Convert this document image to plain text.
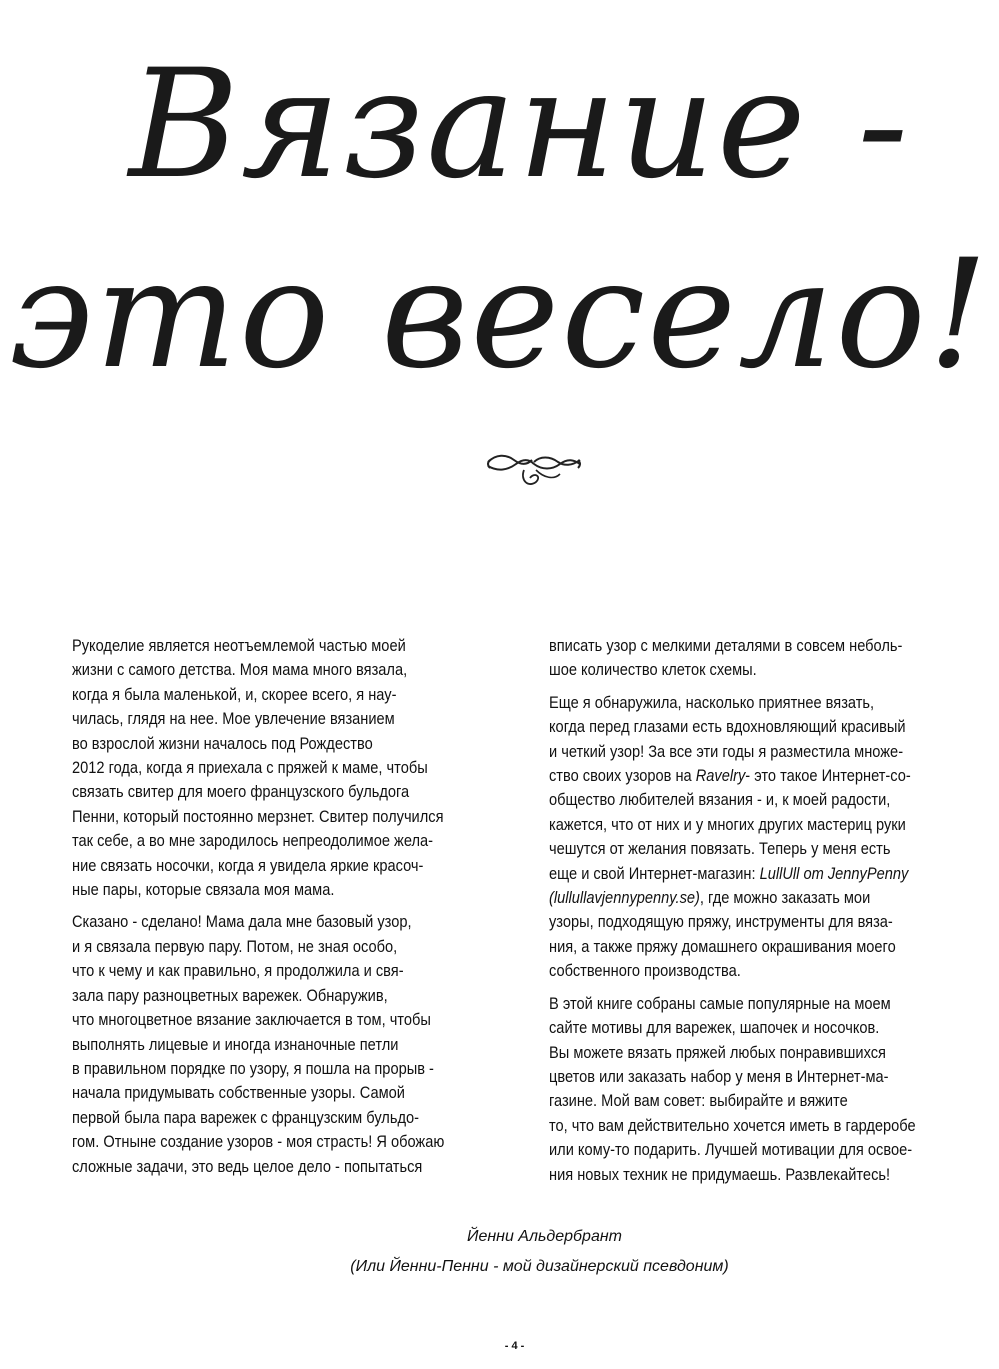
Вязание -
это весело!

Рукоделие является неотъемлемой частью моей
жизни с самого детства. Моя мама много вязала,
когда я была маленькой, и, скорее всего, я нау-
чилась, глядя на нее. Мое увлечение вязанием
во взрослой жизни началось под Рождество
2012 года, когда я приехала с пряжей к маме, чтобы
связать свитер для моего французского бульдога
Пенни, который постоянно мерзнет. Свитер получился
так себе, а во мне зародилось непреодолимое жела-
ние связать носочки, когда я увидела яркие красоч-
ные пары, которые связала моя мама.

Сказано - сделано! Мама дала мне базовый узор,
и я связала первую пару. Потом, не зная особо,
что к чему и как правильно, я продолжила и свя-
зала пару разноцветных варежек. Обнаружив,
что многоцветное вязание заключается в том, чтобы
выполнять лицевые и иногда изнаночные петли
в правильном порядке по узору, я пошла на прорыв -
начала придумывать собственные узоры. Самой
первой была пара варежек с французским бульдо-
гом. Отныне создание узоров - моя страсть! Я обожаю
сложные задачи, это ведь целое дело - попытаться

вписать узор с мелкими деталями в совсем неболь-
шое количество клеток схемы.

Еще я обнаружила, насколько приятнее вязать,
когда перед глазами есть вдохновляющий красивый
и четкий узор! За все эти годы я разместила множе-
ство своих узоров на Ravelry- это такое Интернет-со-
общество любителей вязания - и, к моей радости,
кажется, что от них и у многих других мастериц руки
чешутся от желания повязать. Теперь у меня есть
еще и свой Интернет-магазин: LullUll от JennyPenny
(lullullavjennypenny.se), где можно заказать мои
узоры, подходящую пряжу, инструменты для вяза-
ния, а также пряжу домашнего окрашивания моего
собственного производства.

В этой книге собраны самые популярные на моем
сайте мотивы для варежек, шапочек и носочков.
Вы можете вязать пряжей любых понравившихся
цветов или заказать набор у меня в Интернет-ма-
газине. Мой вам совет: выбирайте и вяжите
то, что вам действительно хочется иметь в гардеробе
или кому-то подарить. Лучшей мотивации для освое-
ния новых техник не придумаешь. Развлекайтесь!

Йенни Альдербрант
(Или Йенни-Пенни - мой дизайнерский псевдоним)
- 4 -
